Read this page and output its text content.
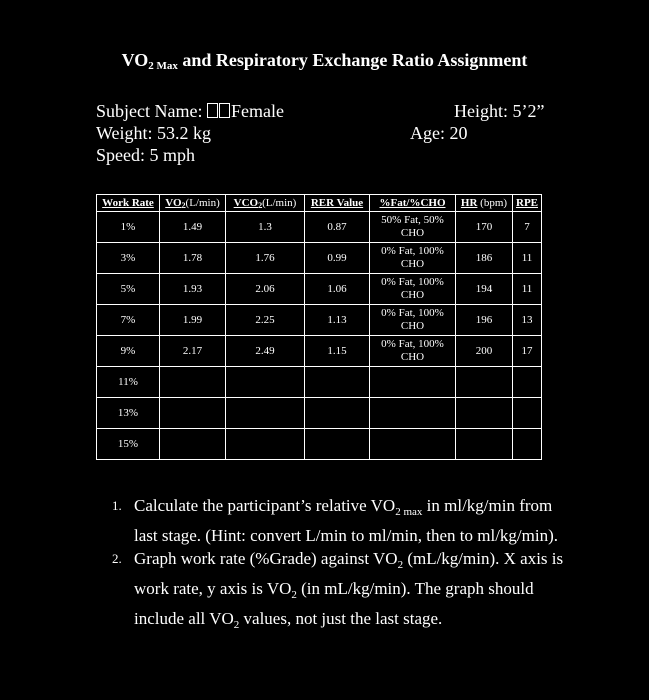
$VO_{2 Max}$ and Respiratory Exchange Ratio Assignment
Subject Name: Female
Weight: 53.2 kg
Speed: 5 mph
Height: 5’2”
Age: 20
Work Rate	VO2(L/min)	VCO2(L/min)	RER Value	%Fat/%CHO	HR (bpm)	RPE
1%	1.49	1.3	0.87	50% Fat, 50% CHO	170	7
3%	1.78	1.76	0.99	0% Fat, 100% CHO	186	11
5%	1.93	2.06	1.06	0% Fat, 100% CHO	194	11
7%	1.99	2.25	1.13	0% Fat, 100% CHO	196	13
9%	2.17	2.49	1.15	0% Fat, 100% CHO	200	17
11%						
13%						
15%						
1. Calculate the participant’s relative $VO_{2 max}$ in ml/kg/min from last stage. (Hint: convert L/min to ml/min, then to ml/kg/min).
2. Graph work rate (%Grade) against $VO_2$ (mL/kg/min). X axis is work rate, y axis is $VO_2$ (in mL/kg/min). The graph should include all $VO_2$ values, not just the last stage.
